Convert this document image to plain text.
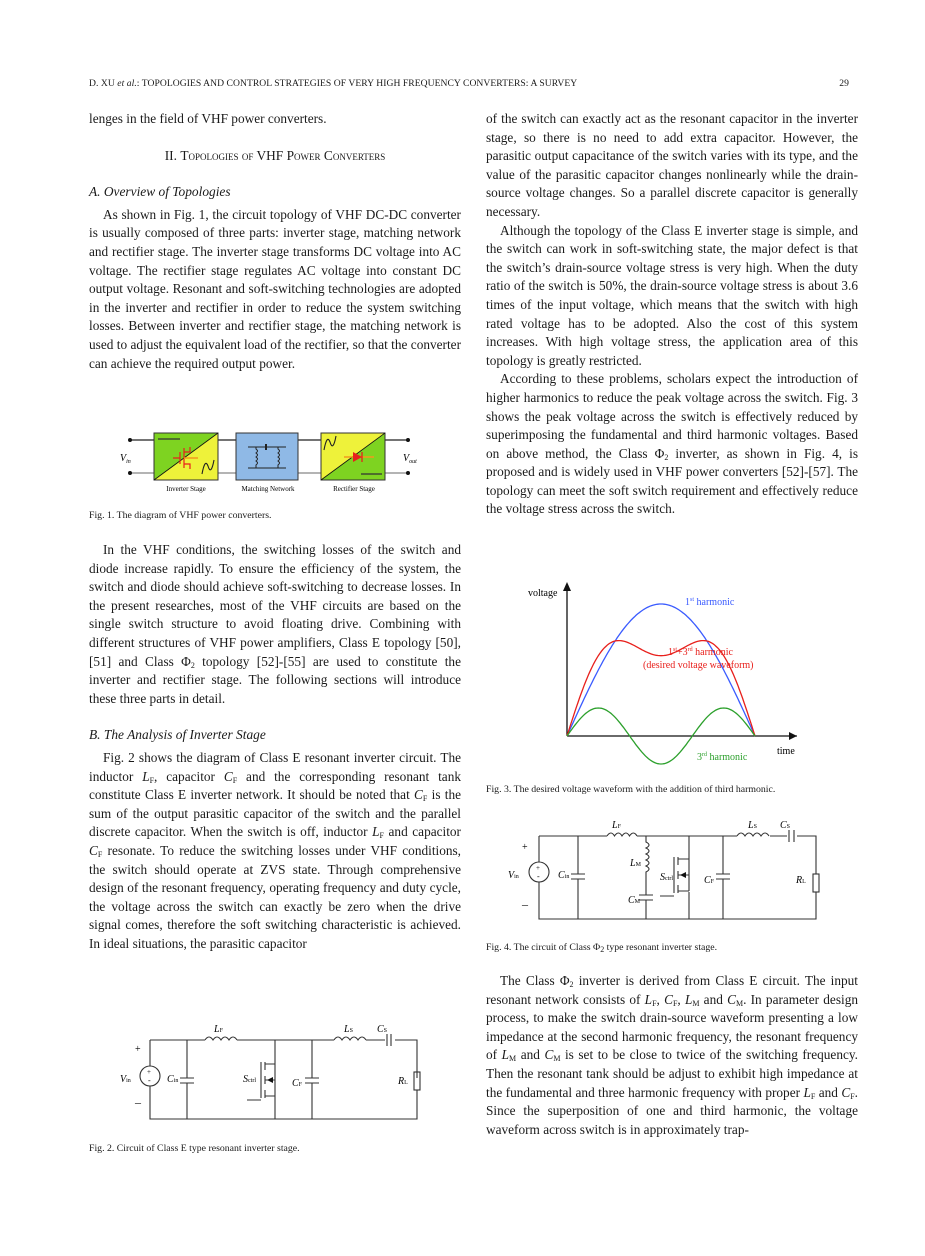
D. XU et al.: TOPOLOGIES AND CONTROL STRATEGIES OF VERY HIGH FREQUENCY CONVERTERS: A SURVEY	29

lenges in the field of VHF power converters.

II. Topologies of VHF Power Converters

A. Overview of Topologies

As shown in Fig. 1, the circuit topology of VHF DC-DC converter is usually composed of three parts: inverter stage, matching network and rectifier stage. The inverter stage transforms DC voltage into AC voltage. The rectifier stage regulates AC voltage into constant DC output voltage. Resonant and soft-switching technologies are adopted in the inverter and rectifier in order to reduce the system switching losses. Between inverter and rectifier stage, the matching network is used to adjust the equivalent load of the rectifier, so that the converter can achieve the required output power.

$V_{in}$	$V_{out}$
Inverter Stage	Matching Network	Rectifier Stage
Fig. 1. The diagram of VHF power converters.

In the VHF conditions, the switching losses of the switch and diode increase rapidly. To ensure the efficiency of the system, the switch and diode should achieve soft-switching to decrease losses. In the present researches, most of the VHF circuits are based on the single switch structure to avoid floating drive. Combining with different structures of VHF power amplifiers, Class E topology [50], [51] and Class $\Phi_2$ topology [52]-[55] are used to constitute the inverter and rectifier stage. The following sections will introduce these three parts in detail.

B. The Analysis of Inverter Stage

Fig. 2 shows the diagram of Class E resonant inverter circuit. The inductor $L_F$, capacitor $C_F$ and the corresponding resonant tank constitute Class E inverter network. It should be noted that $C_F$ is the sum of the output parasitic capacitor of the switch and the parallel discrete capacitor. When the switch is off, inductor $L_F$ and capacitor $C_F$ resonate. To reduce the switching losses under VHF conditions, the switch should operate at ZVS state. Through comprehensive design of the resonant frequency, operating frequency and duty cycle, the voltage across the switch can exactly be zero when the drive signal comes, therefore the soft switching characteristic is achieved. In ideal situations, the parasitic capacitor

+
-
+
–
Vin	Cin
LF	LS CS
Sctrl	CF	RL
Fig. 2. Circuit of Class E type resonant inverter stage.

of the switch can exactly act as the resonant capacitor in the inverter stage, so there is no need to add extra capacitor. However, the parasitic output capacitance of the switch varies with its type, and the value of the parasitic capacitor changes nonlinearly while the drain-source voltage changes. So a parallel discrete capacitor is generally necessary.

Although the topology of the Class E inverter stage is simple, and the switch can work in soft-switching state, the major defect is that the switch’s drain-source voltage stress is very high. When the duty ratio of the switch is 50%, the drain-source voltage stress is about 3.6 times of the input voltage, which means that the switch with high rated voltage has to be adopted. Also the cost of this system increases. With high voltage stress, the application area of this topology is greatly restricted.

According to these problems, scholars expect the introduction of higher harmonics to reduce the peak voltage across the switch. Fig. 3 shows the peak voltage across the switch is effectively reduced by superimposing the fundamental and third harmonic voltages. Based on above method, the Class $\Phi_2$ inverter, as shown in Fig. 4, is proposed and is widely used in VHF power converters [52]-[57]. The topology can meet the soft switch requirement and effectively reduce the voltage stress across the switch.

voltage
time
1st harmonic
1st+3rd harmonic
(desired voltage waveform)
3rd harmonic
Fig. 3. The desired voltage waveform with the addition of third harmonic.
+
-
+
–
Vin	Cin
LF
LM
CM
LS CS
Sctrl	CF	RL
Fig. 4. The circuit of Class $\Phi_2$ type resonant inverter stage.

The Class $\Phi_2$ inverter is derived from Class E circuit. The input resonant network consists of $L_F$, $C_F$, $L_M$ and $C_M$. In parameter design process, to make the switch drain-source waveform presenting a low impedance at the second harmonic frequency, the resonant frequency of $L_M$ and $C_M$ is set to be close to twice of the switching frequency. Then the resonant tank should be adjust to exhibit high impedance at the fundamental and three harmonic frequency with proper $L_F$ and $C_F$. Since the superposition of one and third harmonic, the voltage waveform across switch is in approximately trap-
